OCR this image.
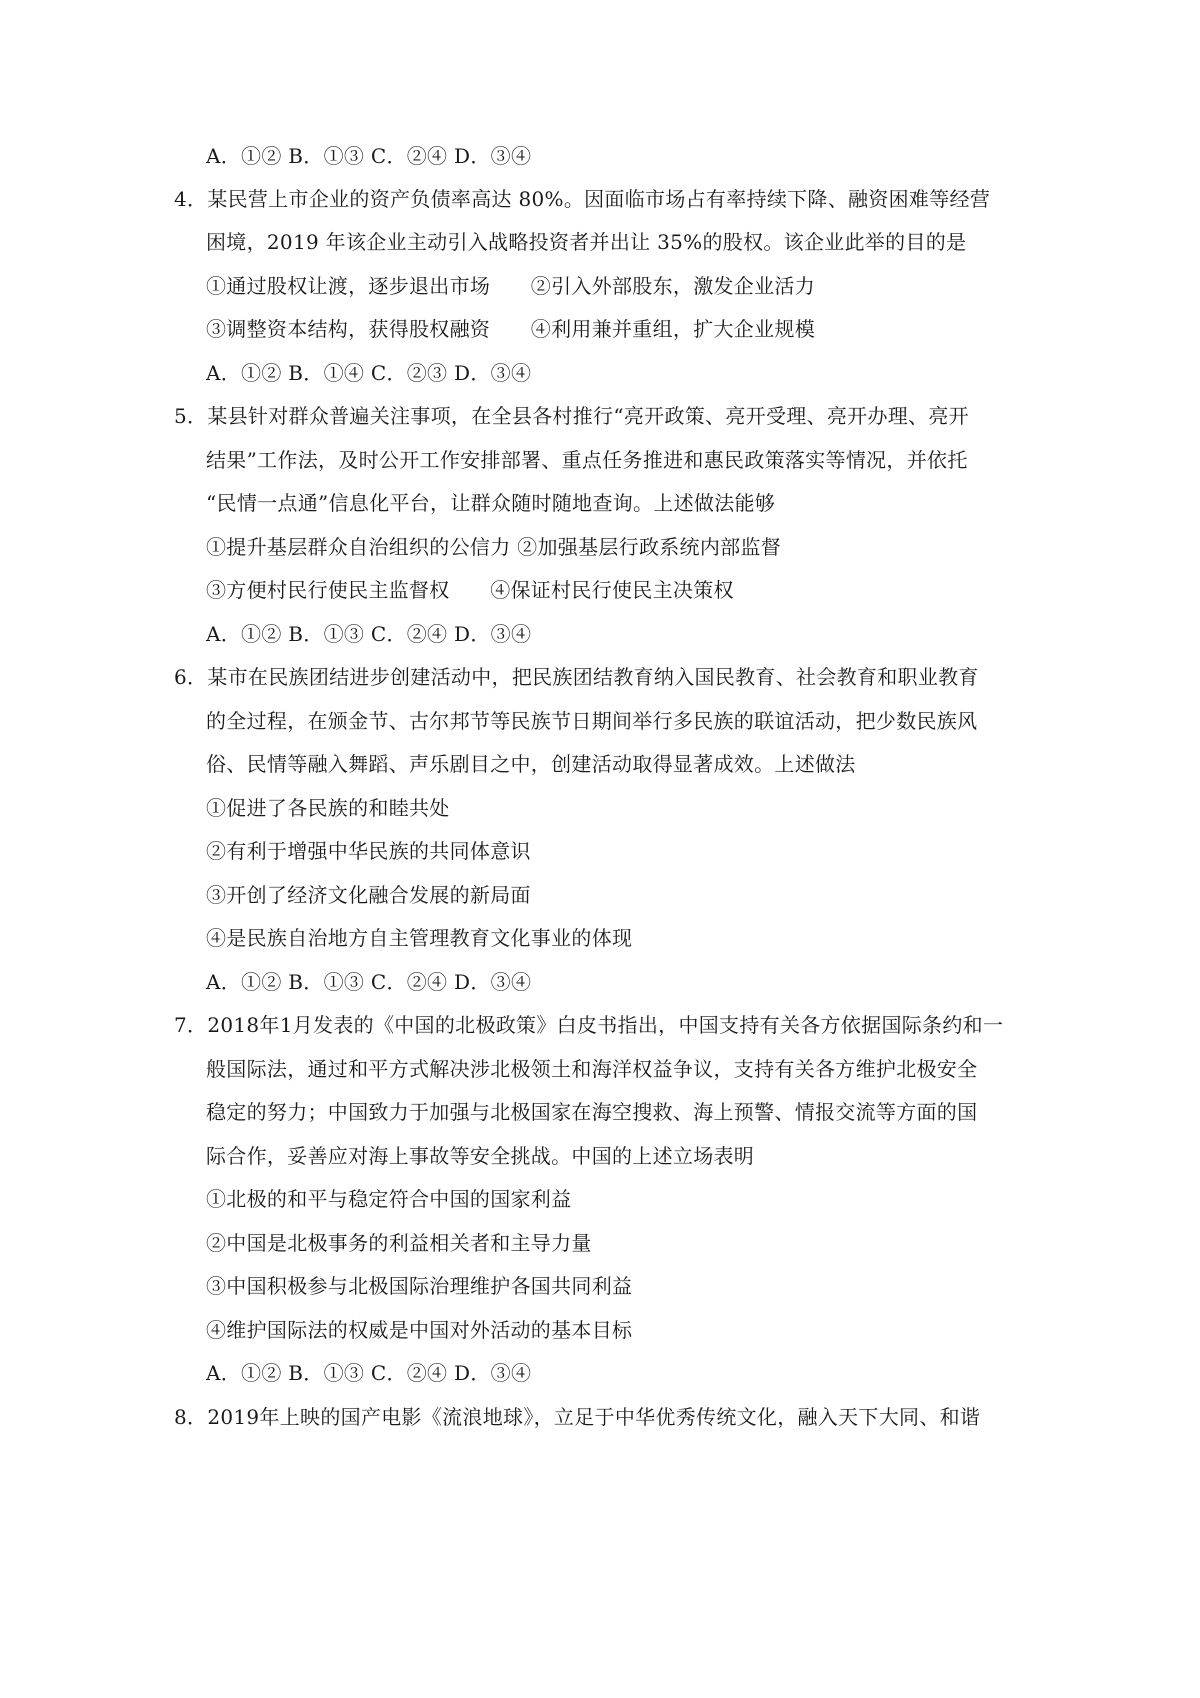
A．①② B．①③ C．②④ D．③④
4．某民营上市企业的资产负债率高达 80%。因面临市场占有率持续下降、融资困难等经营
困境，2019 年该企业主动引入战略投资者并出让 35%的股权。该企业此举的目的是
①通过股权让渡，逐步退出市场　　②引入外部股东，激发企业活力
③调整资本结构，获得股权融资　　④利用兼并重组，扩大企业规模
A．①② B．①④ C．②③ D．③④
5．某县针对群众普遍关注事项，在全县各村推行“亮开政策、亮开受理、亮开办理、亮开
结果”工作法，及时公开工作安排部署、重点任务推进和惠民政策落实等情况，并依托
“民情一点通”信息化平台，让群众随时随地查询。上述做法能够
①提升基层群众自治组织的公信力 ②加强基层行政系统内部监督
③方便村民行使民主监督权　　④保证村民行使民主决策权
A．①② B．①③ C．②④ D．③④
6．某市在民族团结进步创建活动中，把民族团结教育纳入国民教育、社会教育和职业教育
的全过程，在颁金节、古尔邦节等民族节日期间举行多民族的联谊活动，把少数民族风
俗、民情等融入舞蹈、声乐剧目之中，创建活动取得显著成效。上述做法
①促进了各民族的和睦共处
②有利于增强中华民族的共同体意识
③开创了经济文化融合发展的新局面
④是民族自治地方自主管理教育文化事业的体现
A．①② B．①③ C．②④ D．③④
7．2018年1月发表的《中国的北极政策》白皮书指出，中国支持有关各方依据国际条约和一
般国际法，通过和平方式解决涉北极领土和海洋权益争议，支持有关各方维护北极安全
稳定的努力；中国致力于加强与北极国家在海空搜救、海上预警、情报交流等方面的国
际合作，妥善应对海上事故等安全挑战。中国的上述立场表明
①北极的和平与稳定符合中国的国家利益
②中国是北极事务的利益相关者和主导力量
③中国积极参与北极国际治理维护各国共同利益
④维护国际法的权威是中国对外活动的基本目标
A．①② B．①③ C．②④ D．③④
8．2019年上映的国产电影《流浪地球》，立足于中华优秀传统文化，融入天下大同、和谐
